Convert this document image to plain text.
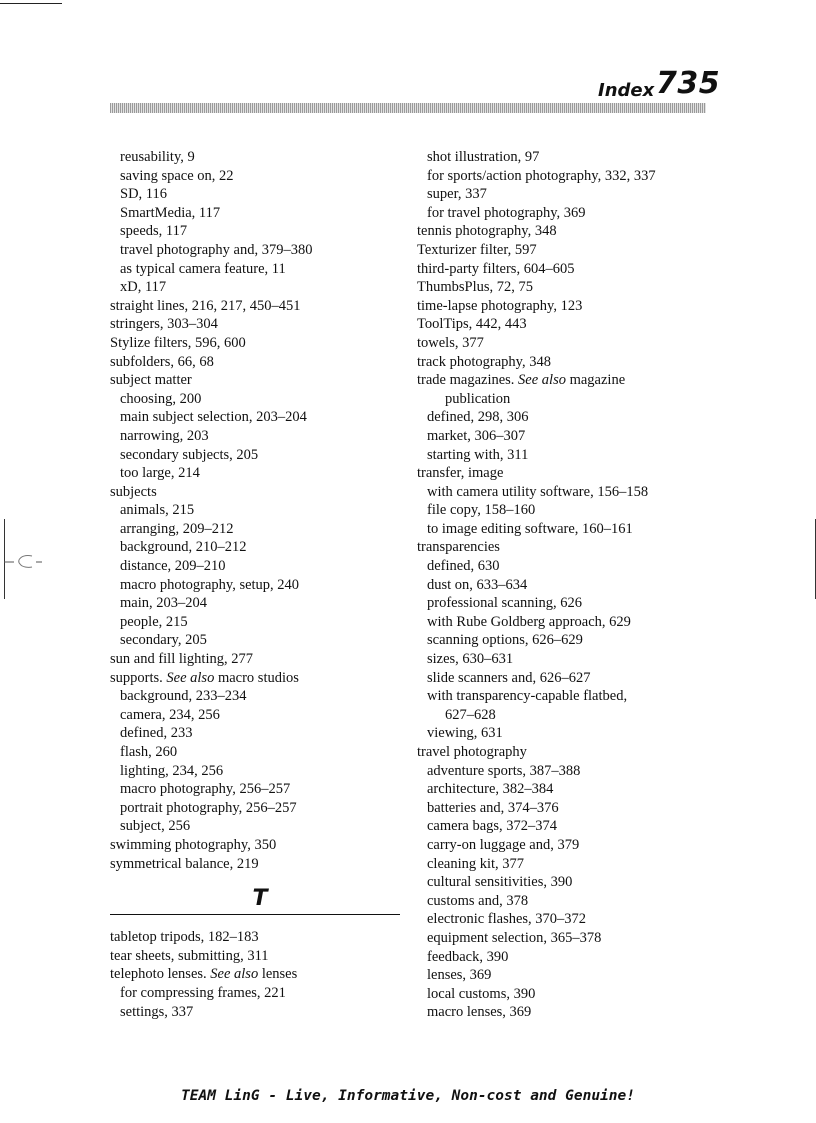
Index 735
reusability, 9
saving space on, 22
SD, 116
SmartMedia, 117
speeds, 117
travel photography and, 379–380
as typical camera feature, 11
xD, 117
straight lines, 216, 217, 450–451
stringers, 303–304
Stylize filters, 596, 600
subfolders, 66, 68
subject matter
choosing, 200
main subject selection, 203–204
narrowing, 203
secondary subjects, 205
too large, 214
subjects
animals, 215
arranging, 209–212
background, 210–212
distance, 209–210
macro photography, setup, 240
main, 203–204
people, 215
secondary, 205
sun and fill lighting, 277
supports. See also macro studios
background, 233–234
camera, 234, 256
defined, 233
flash, 260
lighting, 234, 256
macro photography, 256–257
portrait photography, 256–257
subject, 256
swimming photography, 350
symmetrical balance, 219
T
tabletop tripods, 182–183
tear sheets, submitting, 311
telephoto lenses. See also lenses
for compressing frames, 221
settings, 337
shot illustration, 97
for sports/action photography, 332, 337
super, 337
for travel photography, 369
tennis photography, 348
Texturizer filter, 597
third-party filters, 604–605
ThumbsPlus, 72, 75
time-lapse photography, 123
ToolTips, 442, 443
towels, 377
track photography, 348
trade magazines. See also magazine
publication
defined, 298, 306
market, 306–307
starting with, 311
transfer, image
with camera utility software, 156–158
file copy, 158–160
to image editing software, 160–161
transparencies
defined, 630
dust on, 633–634
professional scanning, 626
with Rube Goldberg approach, 629
scanning options, 626–629
sizes, 630–631
slide scanners and, 626–627
with transparency-capable flatbed,
627–628
viewing, 631
travel photography
adventure sports, 387–388
architecture, 382–384
batteries and, 374–376
camera bags, 372–374
carry-on luggage and, 379
cleaning kit, 377
cultural sensitivities, 390
customs and, 378
electronic flashes, 370–372
equipment selection, 365–378
feedback, 390
lenses, 369
local customs, 390
macro lenses, 369
TEAM LinG - Live, Informative, Non-cost and Genuine!
